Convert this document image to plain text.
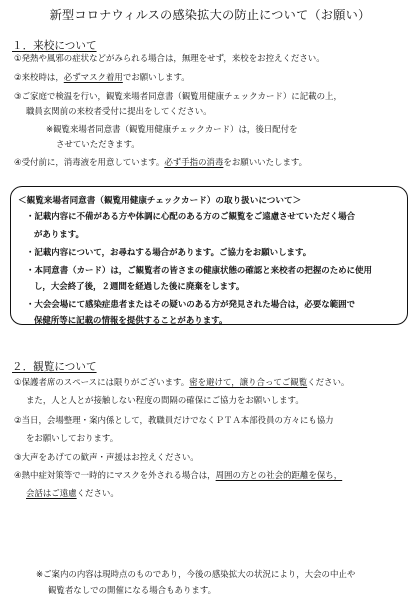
新型コロナウィルスの感染拡大の防止について（お願い）
１．来校について
①発熱や風邪の症状などがみられる場合は，無理をせず，来校をお控えください。
②来校時は，必ずマスク着用でお願いします。
③ご家庭で検温を行い，観覧来場者同意書（観覧用健康チェックカード）に記載の上，
職員玄関前の来校者受付に提出をしてください。
※観覧来場者同意書（観覧用健康チェックカード）は，後日配付を
させていただきます。
④受付前に，消毒液を用意しています。必ず手指の消毒をお願いいたします。
＜観覧来場者同意書（観覧用健康チェックカード）の取り扱いについて＞
・記載内容に不備がある方や体調に心配のある方のご観覧をご遠慮させていただく場合
があります。
・記載内容について，お尋ねする場合があります。ご協力をお願いします。
・本同意書（カード）は，ご観覧者の皆さまの健康状態の確認と来校者の把握のために使用
し，大会終了後，２週間を経過した後に廃棄をします。
・大会会場にて感染症患者またはその疑いのある方が発見された場合は，必要な範囲で
保健所等に記載の情報を提供することがあります。
２．観覧について
①保護者席のスペースには限りがございます。密を避けて，譲り合ってご観覧ください。
また，人と人とが接触しない程度の間隔の確保にご協力をお願いします。
②当日，会場整理・案内係として，教職員だけでなくＰＴＡ本部役員の方々にも協力
をお願いしております。
③大声をあげての歓声・声援はお控えください。
④熱中症対策等で一時的にマスクを外される場合は，周囲の方との社会的距離を保ち，
会話はご遠慮ください。
※ご案内の内容は現時点のものであり，今後の感染拡大の状況により，大会の中止や
観覧者なしでの開催になる場合もあります。
